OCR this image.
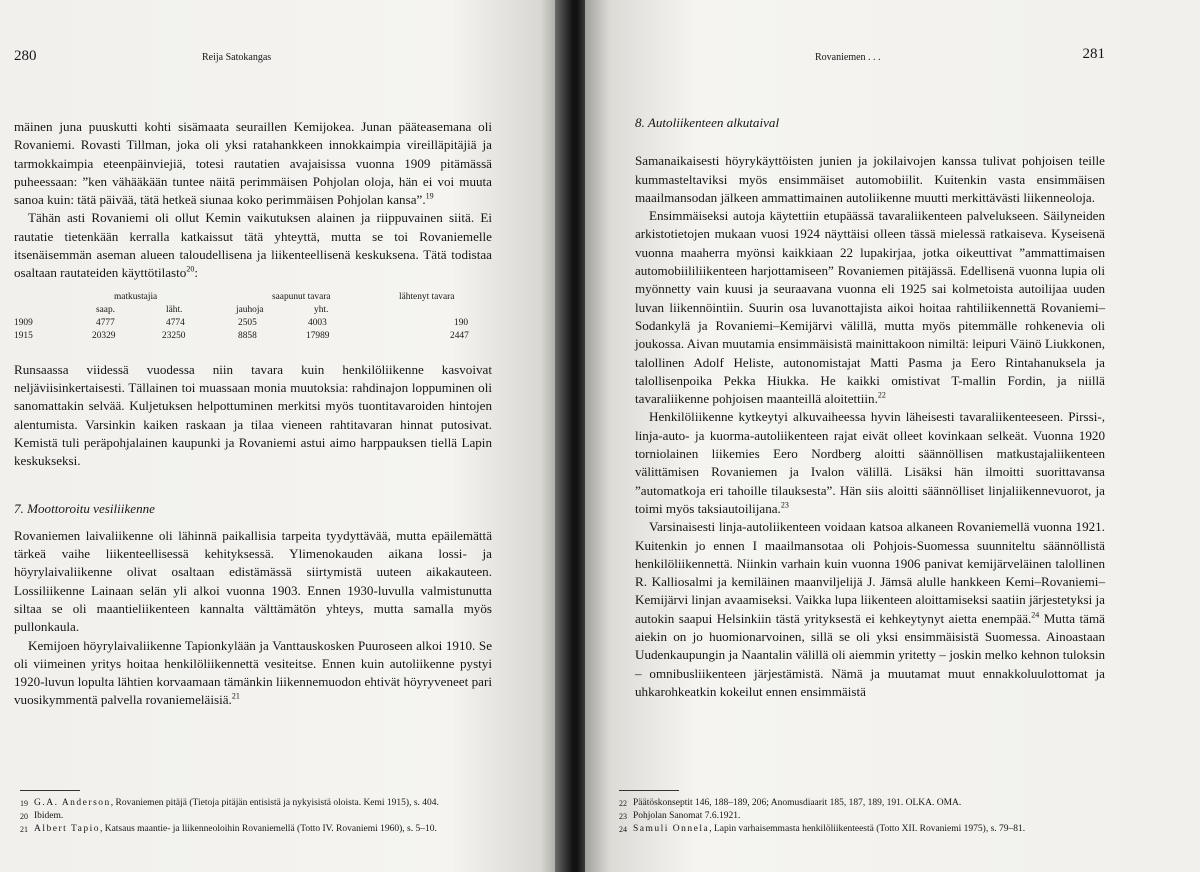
280	Reija Satokangas

mäinen juna puuskutti kohti sisämaata seuraillen Kemijokea. Junan pääteasemana oli Rovaniemi. Rovasti Tillman, joka oli yksi ratahankkeen innokkaimpia vireilläpitäjiä ja tarmokkaimpia eteenpäinviejiä, totesi rautatien avajaisissa vuonna 1909 pitämässä puheessaan: ”ken vähääkään tuntee näitä perimmäisen Pohjolan oloja, hän ei voi muuta sanoa kuin: tätä päivää, tätä hetkeä siunaa koko perimmäisen Pohjolan kansa”.$^{19}$

Tähän asti Rovaniemi oli ollut Kemin vaikutuksen alainen ja riippuvainen siitä. Ei rautatie tietenkään kerralla katkaissut tätä yhteyttä, mutta se toi Rovaniemelle itsenäisemmän aseman alueen taloudellisena ja liikenteellisenä keskuksena. Tätä todistaa osaltaan rautateiden käyttötilasto$^{20}$:

matkustajia	saapunut tavara	lähtenyt tavara
saap.	läht.	jauhoja	yht.
1909	4777	4774	2505	4003	190
1915	20329	23250	8858	17989	2447

Runsaassa viidessä vuodessa niin tavara kuin henkilöliikenne kasvoivat neljäviisinkertaisesti. Tällainen toi muassaan monia muutoksia: rahdinajon loppuminen oli sanomattakin selvää. Kuljetuksen helpottuminen merkitsi myös tuontitavaroiden hintojen alentumista. Varsinkin kaiken raskaan ja tilaa vieneen rahtitavaran hinnat putosivat. Kemistä tuli peräpohjalainen kaupunki ja Rovaniemi astui aimo harppauksen tiellä Lapin keskukseksi.

7. Moottoroitu vesiliikenne

Rovaniemen laivaliikenne oli lähinnä paikallisia tarpeita tyydyttävää, mutta epäilemättä tärkeä vaihe liikenteellisessä kehityksessä. Ylimenokauden aikana lossi- ja höyrylaivaliikenne olivat osaltaan edistämässä siirtymistä uuteen aikakauteen. Lossiliikenne Lainaan selän yli alkoi vuonna 1903. Ennen 1930-luvulla valmistunutta siltaa se oli maantieliikenteen kannalta välttämätön yhteys, mutta samalla myös pullonkaula.

Kemijoen höyrylaivaliikenne Tapionkylään ja Vanttauskosken Puuroseen alkoi 1910. Se oli viimeinen yritys hoitaa henkilöliikennettä vesiteitse. Ennen kuin autoliikenne pystyi 1920-luvun lopulta lähtien korvaamaan tämänkin liikennemuodon ehtivät höyryveneet pari vuosikymmentä palvella rovaniemeläisiä.$^{21}$

19 G.A. Anderson, Rovaniemen pitäjä (Tietoja pitäjän entisistä ja nykyisistä oloista. Kemi 1915), s. 404.
20 Ibidem.
21 Albert Tapio, Katsaus maantie- ja liikenneoloihin Rovaniemellä (Totto IV. Rovaniemi 1960), s. 5–10.
Rovaniemen . . .	281
8. Autoliikenteen alkutaival

Samanaikaisesti höyrykäyttöisten junien ja jokilaivojen kanssa tulivat pohjoisen teille kummasteltaviksi myös ensimmäiset automobiilit. Kuitenkin vasta ensimmäisen maailmansodan jälkeen ammattimainen autoliikenne muutti merkittävästi liikenneoloja.

Ensimmäiseksi autoja käytettiin etupäässä tavaraliikenteen palvelukseen. Säilyneiden arkistotietojen mukaan vuosi 1924 näyttäisi olleen tässä mielessä ratkaiseva. Kyseisenä vuonna maaherra myönsi kaikkiaan 22 lupakirjaa, jotka oikeuttivat ”ammattimaisen automobiililiikenteen harjottamiseen” Rovaniemen pitäjässä. Edellisenä vuonna lupia oli myönnetty vain kuusi ja seuraavana vuonna eli 1925 sai kolmetoista autoilijaa uuden luvan liikennöintiin. Suurin osa luvanottajista aikoi hoitaa rahtiliikennettä Rovaniemi–Sodankylä ja Rovaniemi–Kemijärvi välillä, mutta myös pitemmälle rohkenevia oli joukossa. Aivan muutamia ensimmäisistä mainittakoon nimiltä: leipuri Väinö Liukkonen, talollinen Adolf Heliste, autonomistajat Matti Pasma ja Eero Rintahanuksela ja talollisenpoika Pekka Hiukka. He kaikki omistivat T-mallin Fordin, ja niillä tavaraliikenne pohjoisen maanteillä aloitettiin.$^{22}$

Henkilöliikenne kytkeytyi alkuvaiheessa hyvin läheisesti tavaraliikenteeseen. Pirssi-, linja-auto- ja kuorma-autoliikenteen rajat eivät olleet kovinkaan selkeät. Vuonna 1920 torniolainen liikemies Eero Nordberg aloitti säännöllisen matkustajaliikenteen välittämisen Rovaniemen ja Ivalon välillä. Lisäksi hän ilmoitti suorittavansa ”automatkoja eri tahoille tilauksesta”. Hän siis aloitti säännölliset linjaliikennevuorot, ja toimi myös taksiautoilijana.$^{23}$

Varsinaisesti linja-autoliikenteen voidaan katsoa alkaneen Rovaniemellä vuonna 1921. Kuitenkin jo ennen I maailmansotaa oli Pohjois-Suomessa suunniteltu säännöllistä henkilöliikennettä. Niinkin varhain kuin vuonna 1906 panivat kemijärveläinen talollinen R. Kalliosalmi ja kemiläinen maanviljelijä J. Jämsä alulle hankkeen Kemi–Rovaniemi–Kemijärvi linjan avaamiseksi. Vaikka lupa liikenteen aloittamiseksi saatiin järjestetyksi ja autokin saapui Helsinkiin tästä yrityksestä ei kehkeytynyt aietta enempää.$^{24}$ Mutta tämä aiekin on jo huomionarvoinen, sillä se oli yksi ensimmäisistä Suomessa. Ainoastaan Uudenkaupungin ja Naantalin välillä oli aiemmin yritetty – joskin melko kehnon tuloksin – omnibusliikenteen järjestämistä. Nämä ja muutamat muut ennakkoluulottomat ja uhkarohkeatkin kokeilut ennen ensimmäistä

22 Päätöskonseptit 146, 188–189, 206; Anomusdiaarit 185, 187, 189, 191. OLKA. OMA.
23 Pohjolan Sanomat 7.6.1921.
24 Samuli Onnela, Lapin varhaisemmasta henkilöliikenteestä (Totto XII. Rovaniemi 1975), s. 79–81.
